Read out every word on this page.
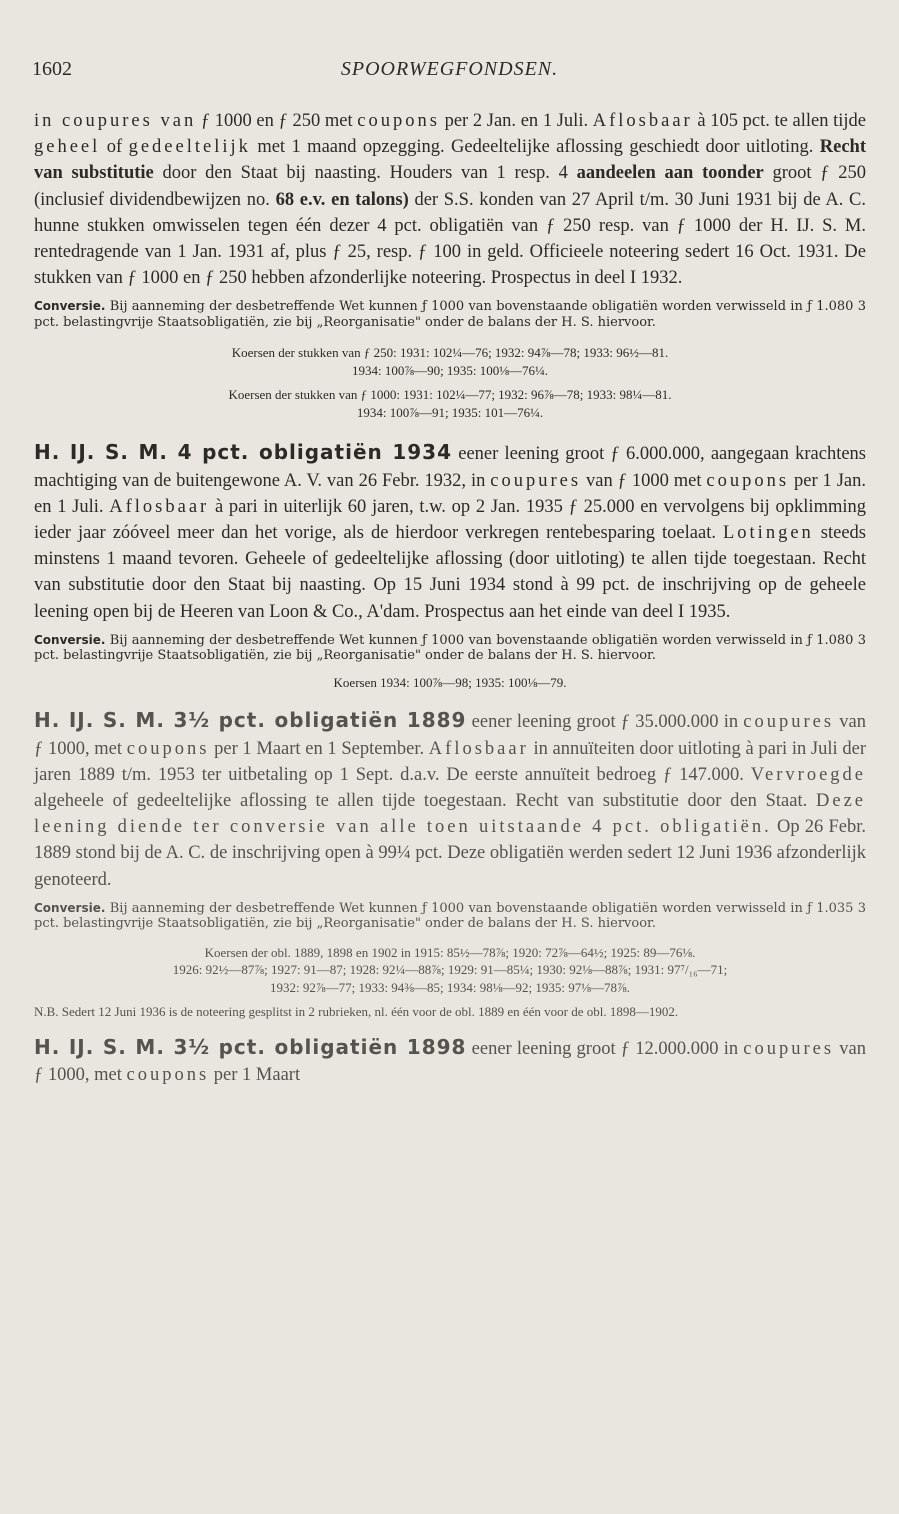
1602	SPOORWEGFONDSEN.

in coupures van ƒ 1000 en ƒ 250 met coupons per 2 Jan. en 1 Juli. Aflosbaar à 105 pct. te allen tijde geheel of gedeeltelijk met 1 maand opzegging. Gedeeltelijke aflossing geschiedt door uitloting. Recht van substitutie door den Staat bij naasting. Houders van 1 resp. 4 aandeelen aan toonder groot ƒ 250 (inclusief dividendbewijzen no. 68 e.v. en talons) der S.S. konden van 27 April t/m. 30 Juni 1931 bij de A. C. hunne stukken omwisselen tegen één dezer 4 pct. obligatiën van ƒ 250 resp. van ƒ 1000 der H. IJ. S. M. rentedragende van 1 Jan. 1931 af, plus ƒ 25, resp. ƒ 100 in geld. Officieele noteering sedert 16 Oct. 1931. De stukken van ƒ 1000 en ƒ 250 hebben afzonderlijke noteering. Prospectus in deel I 1932.

Conversie. Bij aanneming der desbetreffende Wet kunnen ƒ 1000 van bovenstaande obligatiën worden verwisseld in ƒ 1.080 3 pct. belastingvrije Staatsobligatiën, zie bij „Reorganisatie" onder de balans der H. S. hiervoor.

Koersen der stukken van ƒ 250: 1931: 102¼—76; 1932: 94⅞—78; 1933: 96½—81.

1934: 100⅞—90; 1935: 100⅛—76¼.

Koersen der stukken van ƒ 1000: 1931: 102¼—77; 1932: 96⅞—78; 1933: 98¼—81.

1934: 100⅞—91; 1935: 101—76¼.

H. IJ. S. M. 4 pct. obligatiën 1934 eener leening groot ƒ 6.000.000, aangegaan krachtens machtiging van de buitengewone A. V. van 26 Febr. 1932, in coupures van ƒ 1000 met coupons per 1 Jan. en 1 Juli. Aflosbaar à pari in uiterlijk 60 jaren, t.w. op 2 Jan. 1935 ƒ 25.000 en vervolgens bij opklimming ieder jaar zóóveel meer dan het vorige, als de hierdoor verkregen rentebesparing toelaat. Lotingen steeds minstens 1 maand tevoren. Geheele of gedeeltelijke aflossing (door uitloting) te allen tijde toegestaan. Recht van substitutie door den Staat bij naasting. Op 15 Juni 1934 stond à 99 pct. de inschrijving op de geheele leening open bij de Heeren van Loon & Co., A'dam. Prospectus aan het einde van deel I 1935.

Conversie. Bij aanneming der desbetreffende Wet kunnen ƒ 1000 van bovenstaande obligatiën worden verwisseld in ƒ 1.080 3 pct. belastingvrije Staatsobligatiën, zie bij „Reorganisatie" onder de balans der H. S. hiervoor.

Koersen 1934: 100⅞—98; 1935: 100⅛—79.

H. IJ. S. M. 3½ pct. obligatiën 1889 eener leening groot ƒ 35.000.000 in coupures van ƒ 1000, met coupons per 1 Maart en 1 September. Aflosbaar in annuïteiten door uitloting à pari in Juli der jaren 1889 t/m. 1953 ter uitbetaling op 1 Sept. d.a.v. De eerste annuïteit bedroeg ƒ 147.000. Vervroegde algeheele of gedeeltelijke aflossing te allen tijde toegestaan. Recht van substitutie door den Staat. Deze leening diende ter conversie van alle toen uitstaande 4 pct. obligatiën. Op 26 Febr. 1889 stond bij de A. C. de inschrijving open à 99¼ pct. Deze obligatiën werden sedert 12 Juni 1936 afzonderlijk genoteerd.

Conversie. Bij aanneming der desbetreffende Wet kunnen ƒ 1000 van bovenstaande obligatiën worden verwisseld in ƒ 1.035 3 pct. belastingvrije Staatsobligatiën, zie bij „Reorganisatie" onder de balans der H. S. hiervoor.

Koersen der obl. 1889, 1898 en 1902 in 1915: 85½—78⅞; 1920: 72⅞—64½; 1925: 89—76⅛.

1926: 92½—87⅞; 1927: 91—87; 1928: 92¼—88⅞; 1929: 91—85¼; 1930: 92⅛—88⅞; 1931: 97⁷/₁₆—71;

1932: 92⅞—77; 1933: 94⅜—85; 1934: 98⅛—92; 1935: 97⅛—78⅞.

N.B. Sedert 12 Juni 1936 is de noteering gesplitst in 2 rubrieken, nl. één voor de obl. 1889 en één voor de obl. 1898—1902.

H. IJ. S. M. 3½ pct. obligatiën 1898 eener leening groot ƒ 12.000.000 in coupures van ƒ 1000, met coupons per 1 Maart
